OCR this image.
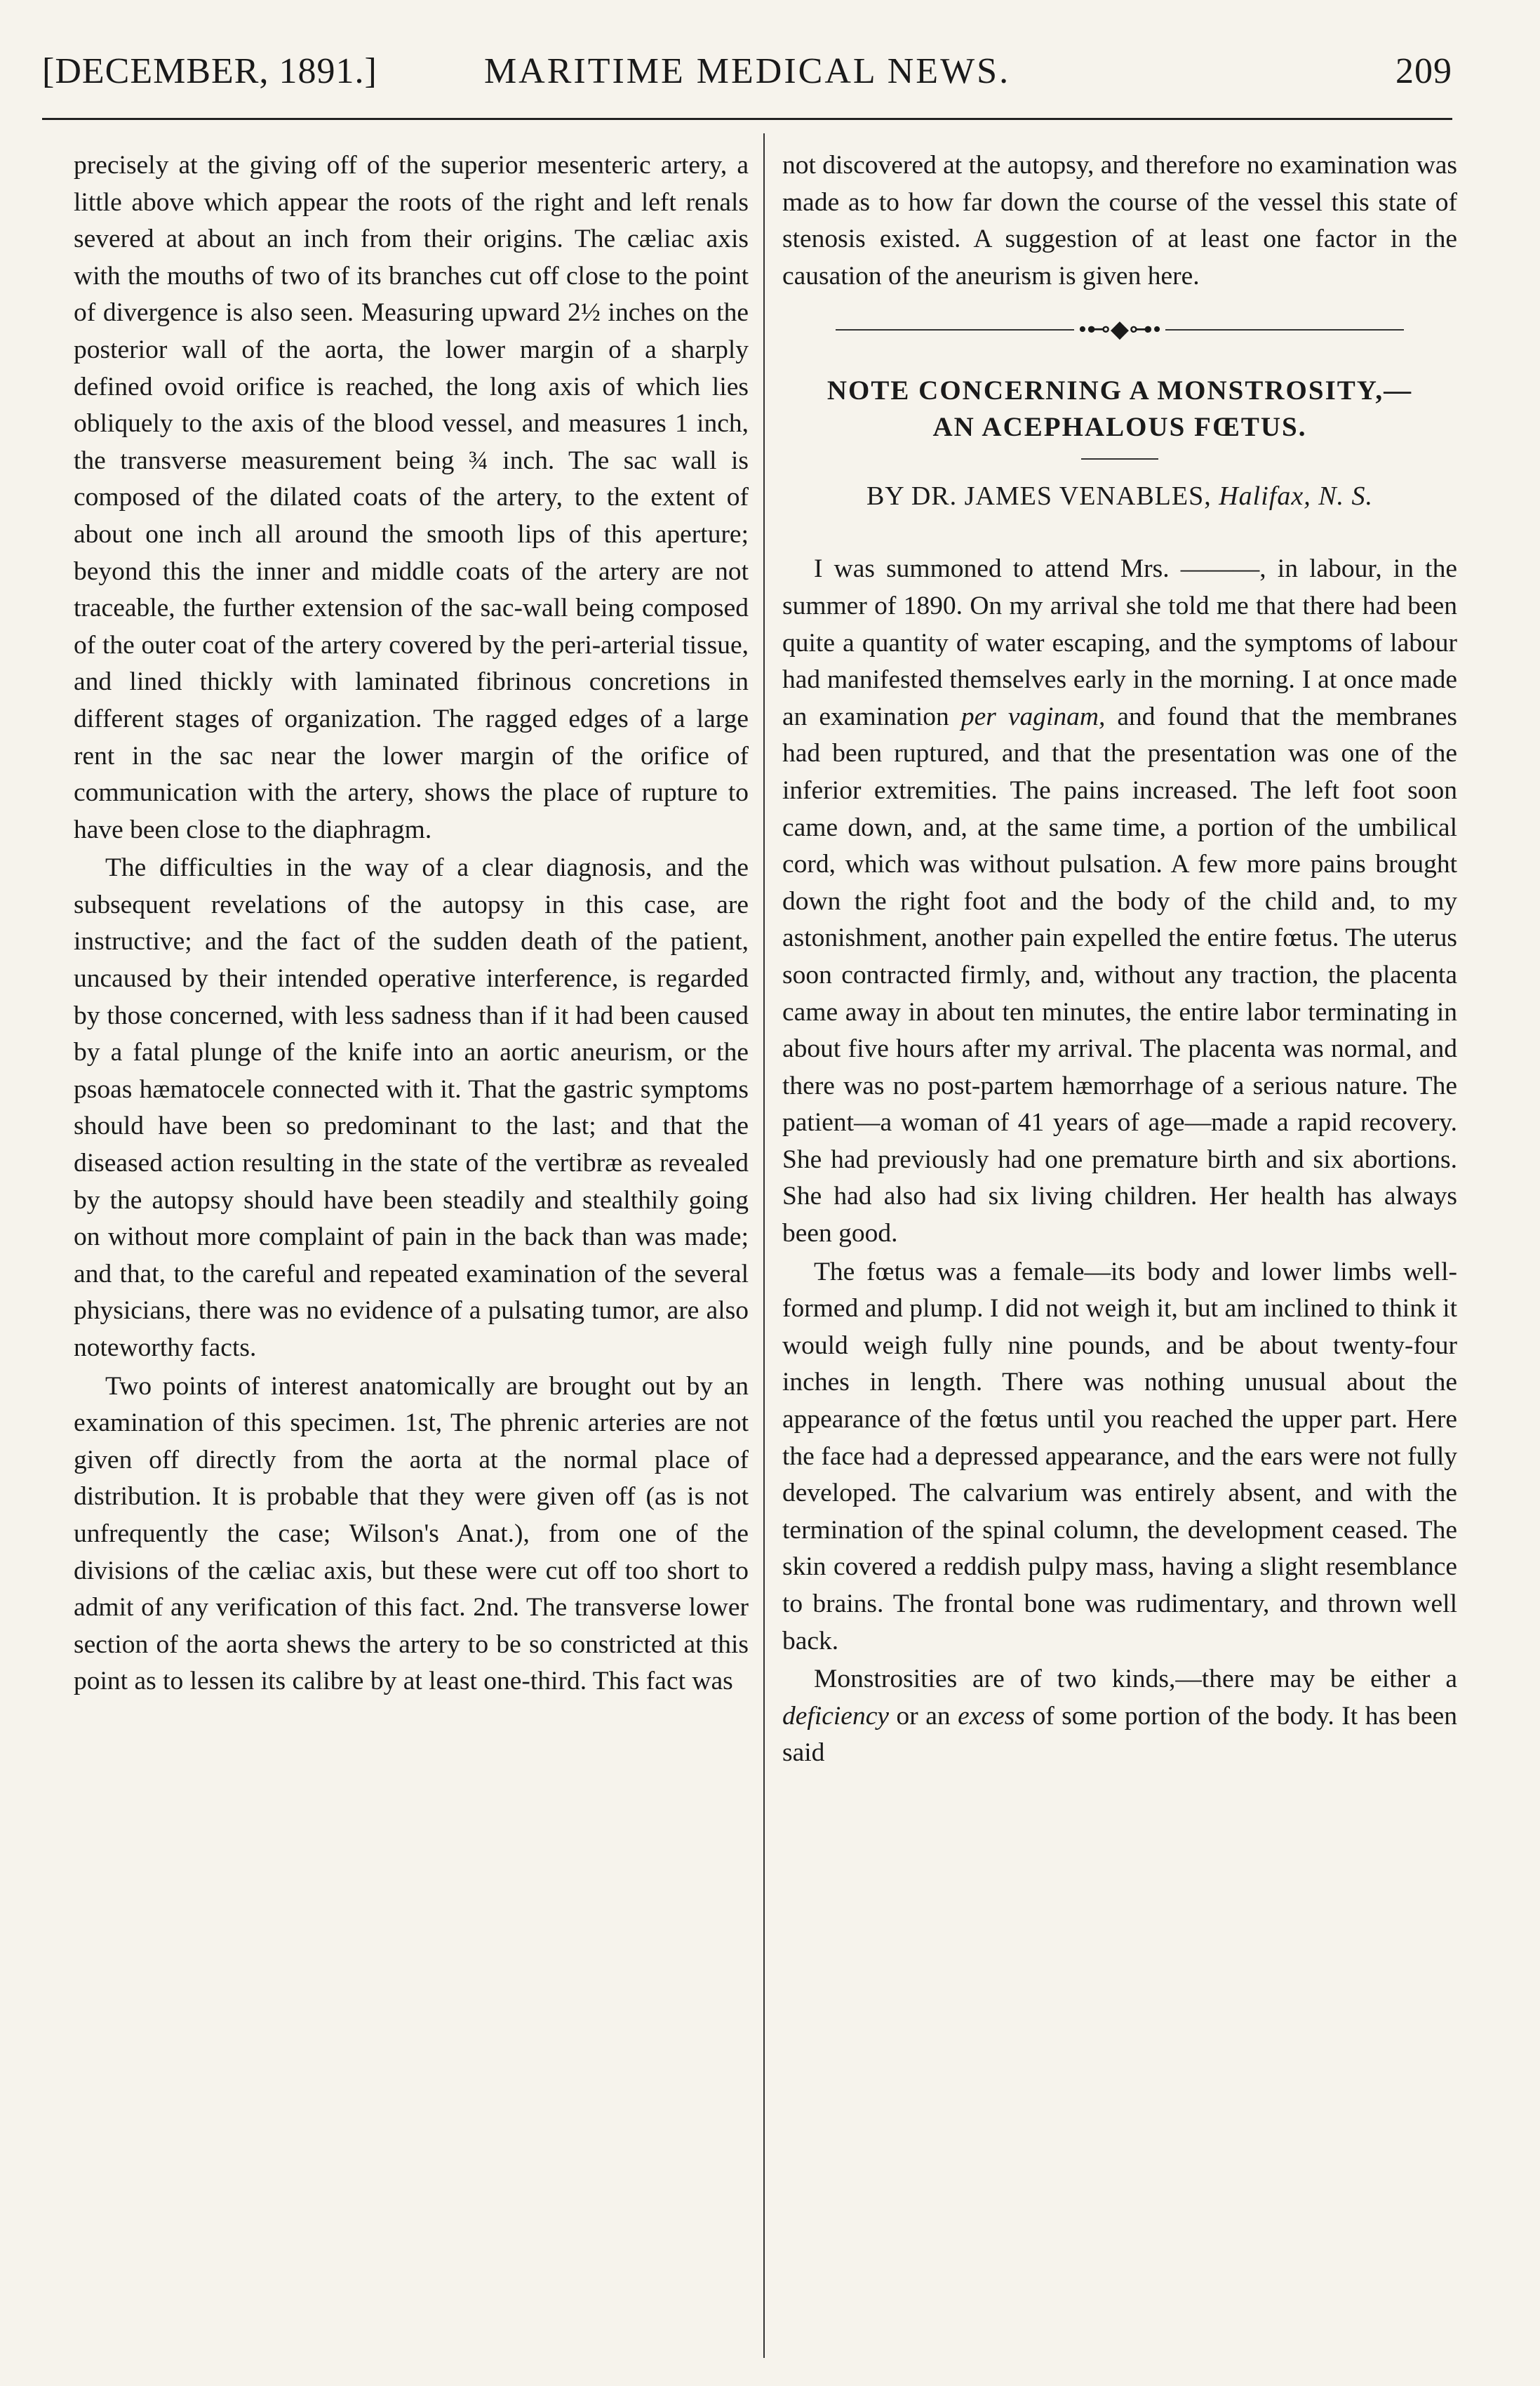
[DECEMBER, 1891.]	MARITIME MEDICAL NEWS.	209

precisely at the giving off of the superior mesenteric artery, a little above which appear the roots of the right and left renals severed at about an inch from their origins. The cæliac axis with the mouths of two of its branches cut off close to the point of divergence is also seen. Measuring upward 2½ inches on the posterior wall of the aorta, the lower margin of a sharply defined ovoid orifice is reached, the long axis of which lies obliquely to the axis of the blood vessel, and measures 1 inch, the transverse measurement being ¾ inch. The sac wall is composed of the dilated coats of the artery, to the extent of about one inch all around the smooth lips of this aperture; beyond this the inner and middle coats of the artery are not traceable, the further extension of the sac-wall being composed of the outer coat of the artery covered by the peri-arterial tissue, and lined thickly with laminated fibrinous concretions in different stages of organization. The ragged edges of a large rent in the sac near the lower margin of the orifice of communication with the artery, shows the place of rupture to have been close to the diaphragm.

The difficulties in the way of a clear diagnosis, and the subsequent revelations of the autopsy in this case, are instructive; and the fact of the sudden death of the patient, uncaused by their intended operative interference, is regarded by those concerned, with less sadness than if it had been caused by a fatal plunge of the knife into an aortic aneurism, or the psoas hæmatocele connected with it. That the gastric symptoms should have been so predominant to the last; and that the diseased action resulting in the state of the vertibræ as revealed by the autopsy should have been steadily and stealthily going on without more complaint of pain in the back than was made; and that, to the careful and repeated examination of the several physicians, there was no evidence of a pulsating tumor, are also noteworthy facts.

Two points of interest anatomically are brought out by an examination of this specimen. 1st, The phrenic arteries are not given off directly from the aorta at the normal place of distribution. It is probable that they were given off (as is not unfrequently the case; Wilson's Anat.), from one of the divisions of the cæliac axis, but these were cut off too short to admit of any verification of this fact. 2nd. The transverse lower section of the aorta shews the artery to be so constricted at this point as to lessen its calibre by at least one-third. This fact was

not discovered at the autopsy, and therefore no examination was made as to how far down the course of the vessel this state of stenosis existed. A suggestion of at least one factor in the causation of the aneurism is given here.

•⊷◆⊶•
NOTE CONCERNING A MONSTROSITY,—
AN ACEPHALOUS FŒTUS.
BY DR. JAMES VENABLES, Halifax, N. S.

I was summoned to attend Mrs. ———, in labour, in the summer of 1890. On my arrival she told me that there had been quite a quantity of water escaping, and the symptoms of labour had manifested themselves early in the morning. I at once made an examination per vaginam, and found that the membranes had been ruptured, and that the presentation was one of the inferior extremities. The pains increased. The left foot soon came down, and, at the same time, a portion of the umbilical cord, which was without pulsation. A few more pains brought down the right foot and the body of the child and, to my astonishment, another pain expelled the entire fœtus. The uterus soon contracted firmly, and, without any traction, the placenta came away in about ten minutes, the entire labor terminating in about five hours after my arrival. The placenta was normal, and there was no post-partem hæmorrhage of a serious nature. The patient—a woman of 41 years of age—made a rapid recovery. She had previously had one premature birth and six abortions. She had also had six living children. Her health has always been good.

The fœtus was a female—its body and lower limbs well-formed and plump. I did not weigh it, but am inclined to think it would weigh fully nine pounds, and be about twenty-four inches in length. There was nothing unusual about the appearance of the fœtus until you reached the upper part. Here the face had a depressed appearance, and the ears were not fully developed. The calvarium was entirely absent, and with the termination of the spinal column, the development ceased. The skin covered a reddish pulpy mass, having a slight resemblance to brains. The frontal bone was rudimentary, and thrown well back.

Monstrosities are of two kinds,—there may be either a deficiency or an excess of some portion of the body. It has been said
